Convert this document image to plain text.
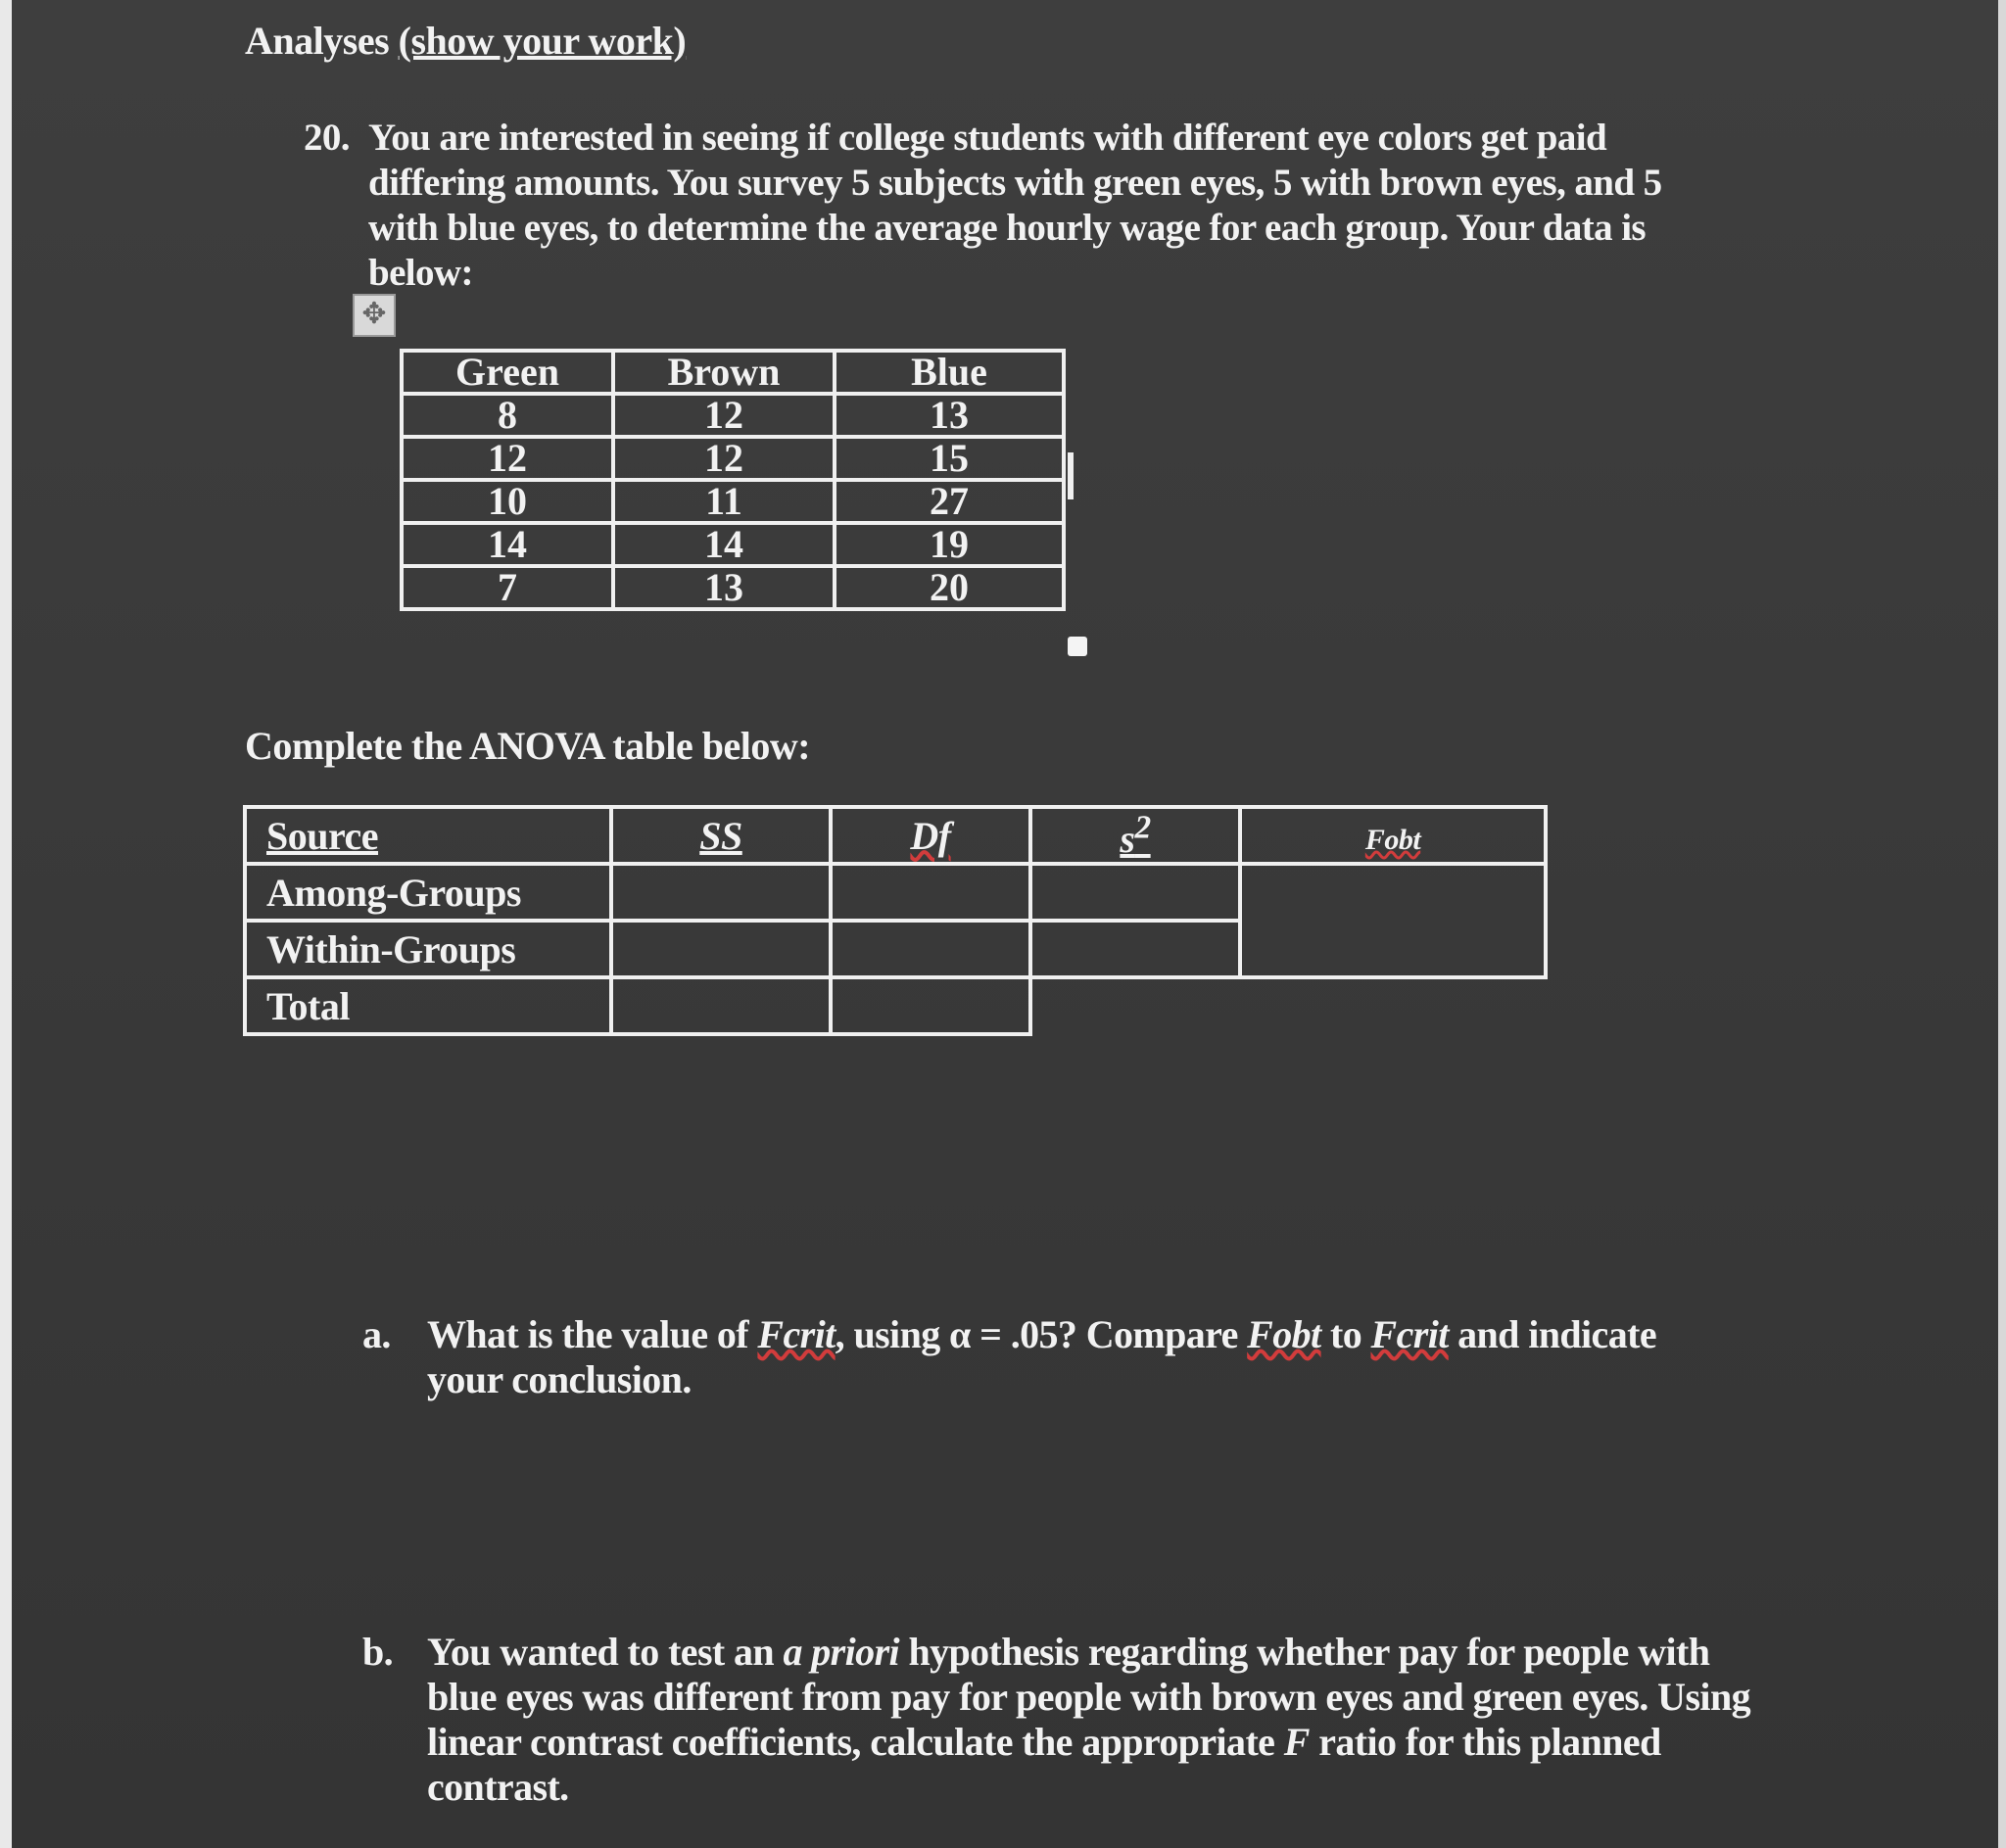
Analyses (show your work)
20. You are interested in seeing if college students with different eye colors get paid differing amounts. You survey 5 subjects with green eyes, 5 with brown eyes, and 5 with blue eyes, to determine the average hourly wage for each group. Your data is below:
✥
Green	Brown	Blue
8	12	13
12	12	15
10	11	27
14	14	19
7	13	20
Complete the ANOVA table below:
Source	SS	Df	$s^2$	Fobt
Among-Groups				
Within-Groups				
Total				
a. What is the value of Fcrit, using α = .05? Compare Fobt to Fcrit and indicate your conclusion.
b. You wanted to test an a priori hypothesis regarding whether pay for people with blue eyes was different from pay for people with brown eyes and green eyes. Using linear contrast coefficients, calculate the appropriate F ratio for this planned contrast.
